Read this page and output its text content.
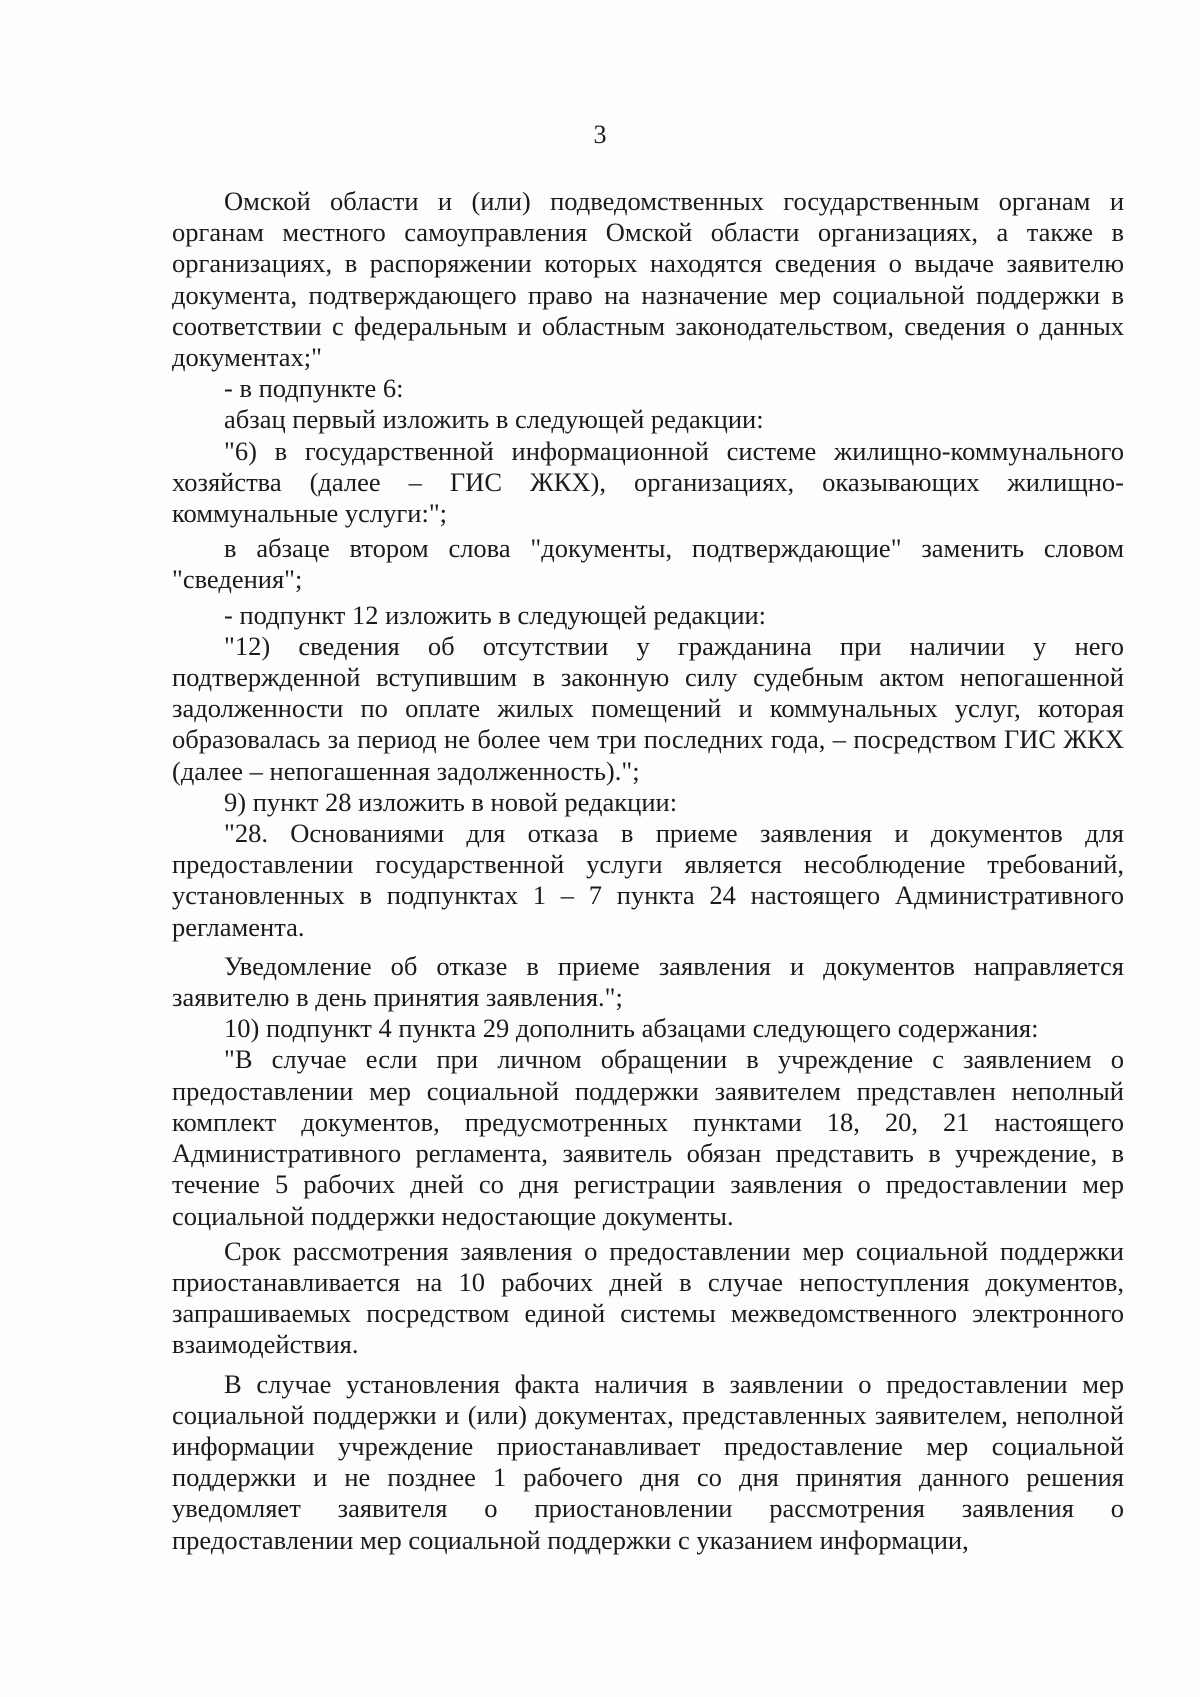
3

Омской области и (или) подведомственных государственным органам и органам местного самоуправления Омской области организациях, а также в организациях, в распоряжении которых находятся сведения о выдаче заявителю документа, подтверждающего право на назначение мер социальной поддержки в соответствии с федеральным и областным законодательством, сведения о данных документах;"

- в подпункте 6:

абзац первый изложить в следующей редакции:

"6) в государственной информационной системе жилищно-коммунального хозяйства (далее – ГИС ЖКХ), организациях, оказывающих жилищно-коммунальные услуги:";

в абзаце втором слова "документы, подтверждающие" заменить словом "сведения";

- подпункт 12 изложить в следующей редакции:

"12) сведения об отсутствии у гражданина при наличии у него подтвержденной вступившим в законную силу судебным актом непогашенной задолженности по оплате жилых помещений и коммунальных услуг, которая образовалась за период не более чем три последних года, – посредством ГИС ЖКХ (далее – непогашенная задолженность).";

9) пункт 28 изложить в новой редакции:

"28. Основаниями для отказа в приеме заявления и документов для предоставлении государственной услуги является несоблюдение требований, установленных в подпунктах 1 – 7 пункта 24 настоящего Административного регламента.

Уведомление об отказе в приеме заявления и документов направляется заявителю в день принятия заявления.";

10) подпункт 4 пункта 29 дополнить абзацами следующего содержания:

"В случае если при личном обращении в учреждение с заявлением о предоставлении мер социальной поддержки заявителем представлен неполный комплект документов, предусмотренных пунктами 18, 20, 21 настоящего Административного регламента, заявитель обязан представить в учреждение, в течение 5 рабочих дней со дня регистрации заявления о предоставлении мер социальной поддержки недостающие документы.

Срок рассмотрения заявления о предоставлении мер социальной поддержки приостанавливается на 10 рабочих дней в случае непоступления документов, запрашиваемых посредством единой системы межведомственного электронного взаимодействия.

В случае установления факта наличия в заявлении о предоставлении мер социальной поддержки и (или) документах, представленных заявителем, неполной информации учреждение приостанавливает предоставление мер социальной поддержки и не позднее 1 рабочего дня со дня принятия данного решения уведомляет заявителя о приостановлении рассмотрения заявления о предоставлении мер социальной поддержки с указанием информации,
